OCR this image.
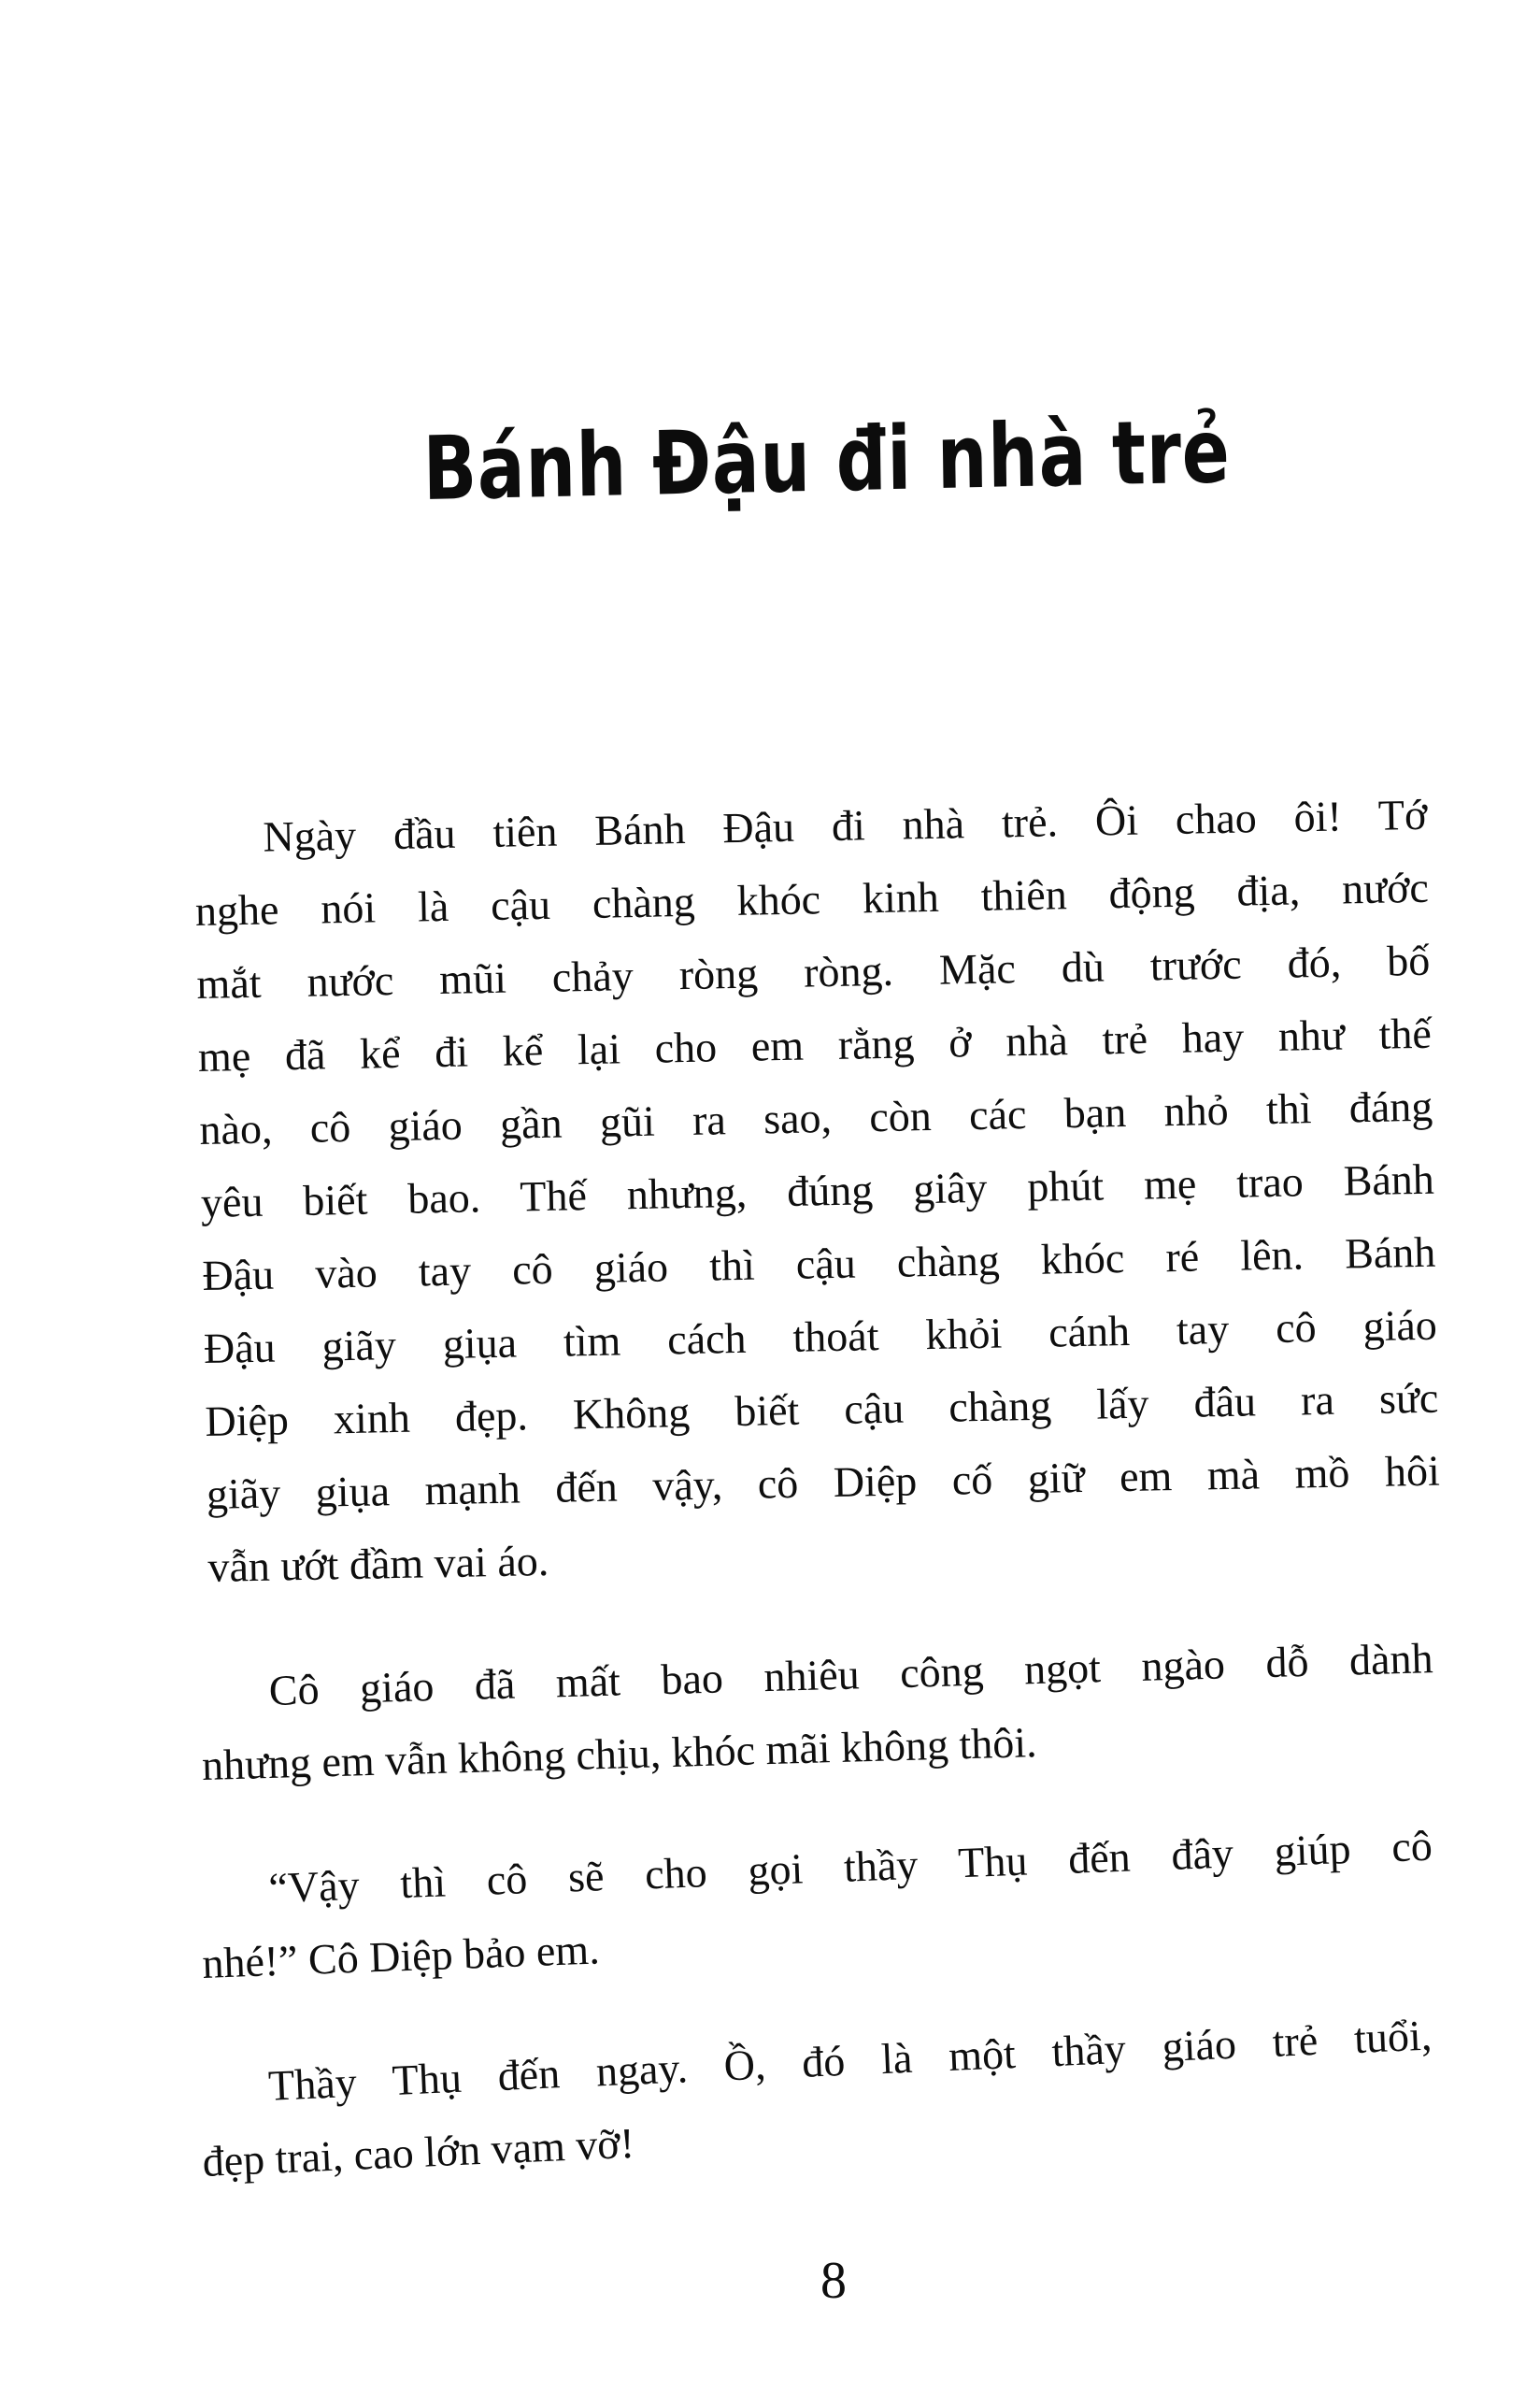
Bánh Đậu đi nhà trẻ
Ngày đầu tiên Bánh Đậu đi nhà trẻ. Ôi chao ôi! Tớ
nghe nói là cậu chàng khóc kinh thiên động địa, nước
mắt nước mũi chảy ròng ròng. Mặc dù trước đó, bố
mẹ đã kể đi kể lại cho em rằng ở nhà trẻ hay như thế
nào, cô giáo gần gũi ra sao, còn các bạn nhỏ thì đáng
yêu biết bao. Thế nhưng, đúng giây phút mẹ trao Bánh
Đậu vào tay cô giáo thì cậu chàng khóc ré lên. Bánh
Đậu giãy giụa tìm cách thoát khỏi cánh tay cô giáo
Diệp xinh đẹp. Không biết cậu chàng lấy đâu ra sức
giãy giụa mạnh đến vậy, cô Diệp cố giữ em mà mồ hôi
vẫn ướt đầm vai áo.
Cô giáo đã mất bao nhiêu công ngọt ngào dỗ dành
nhưng em vẫn không chịu, khóc mãi không thôi.
“Vậy thì cô sẽ cho gọi thầy Thụ đến đây giúp cô
nhé!” Cô Diệp bảo em.
Thầy Thụ đến ngay. Ồ, đó là một thầy giáo trẻ tuổi,
đẹp trai, cao lớn vạm vỡ!
8
